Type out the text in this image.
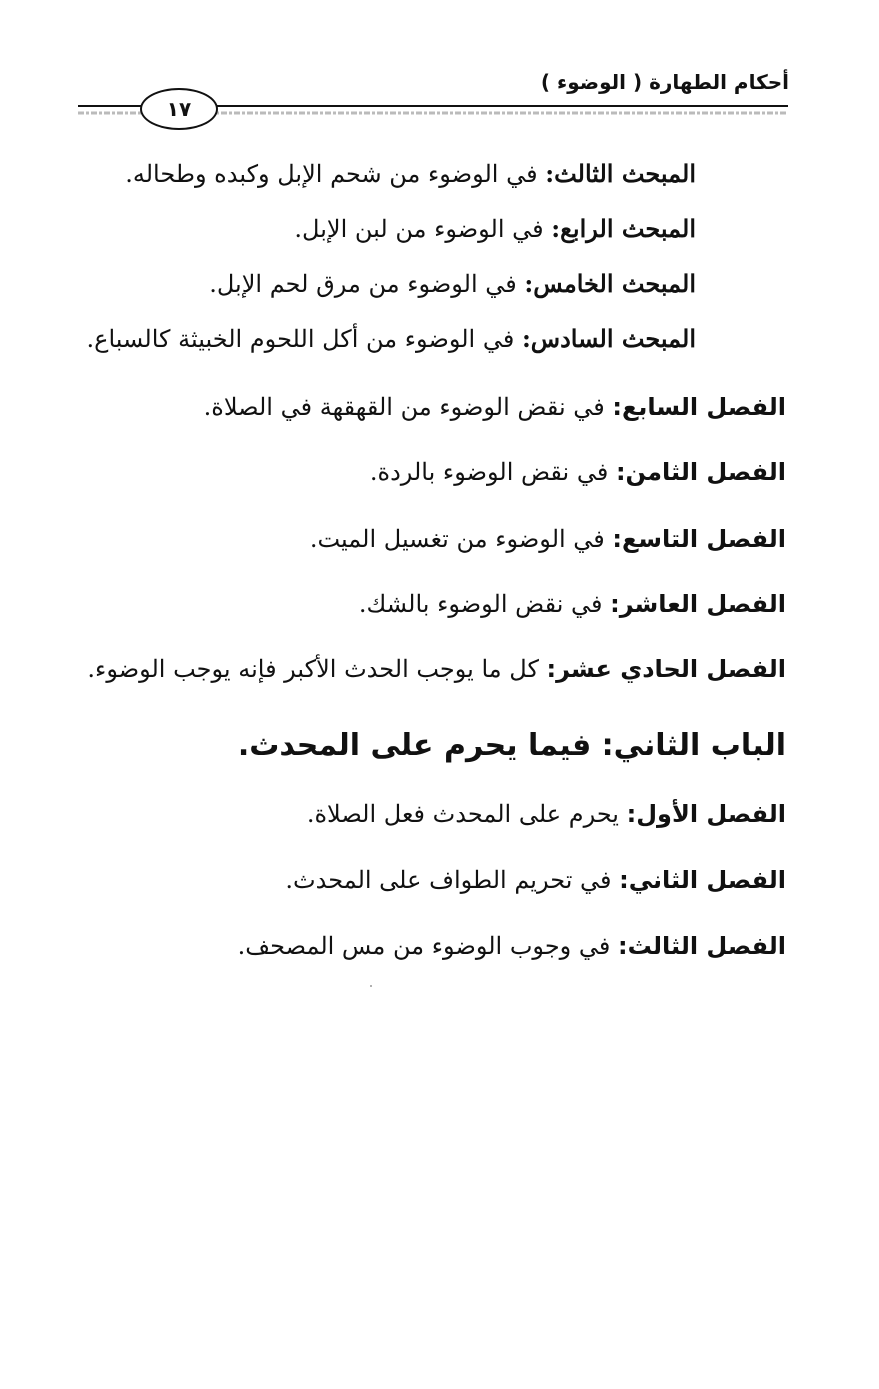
أحكام الطهارة ( الوضوء )
١٧
المبحث الثالث: في الوضوء من شحم الإبل وكبده وطحاله.
المبحث الرابع: في الوضوء من لبن الإبل.
المبحث الخامس: في الوضوء من مرق لحم الإبل.
المبحث السادس: في الوضوء من أكل اللحوم الخبيثة كالسباع.
الفصل السابع: في نقض الوضوء من القهقهة في الصلاة.
الفصل الثامن: في نقض الوضوء بالردة.
الفصل التاسع: في الوضوء من تغسيل الميت.
الفصل العاشر: في نقض الوضوء بالشك.
الفصل الحادي عشر: كل ما يوجب الحدث الأكبر فإنه يوجب الوضوء.
الباب الثاني: فيما يحرم على المحدث.
الفصل الأول: يحرم على المحدث فعل الصلاة.
الفصل الثاني: في تحريم الطواف على المحدث.
الفصل الثالث: في وجوب الوضوء من مس المصحف.
